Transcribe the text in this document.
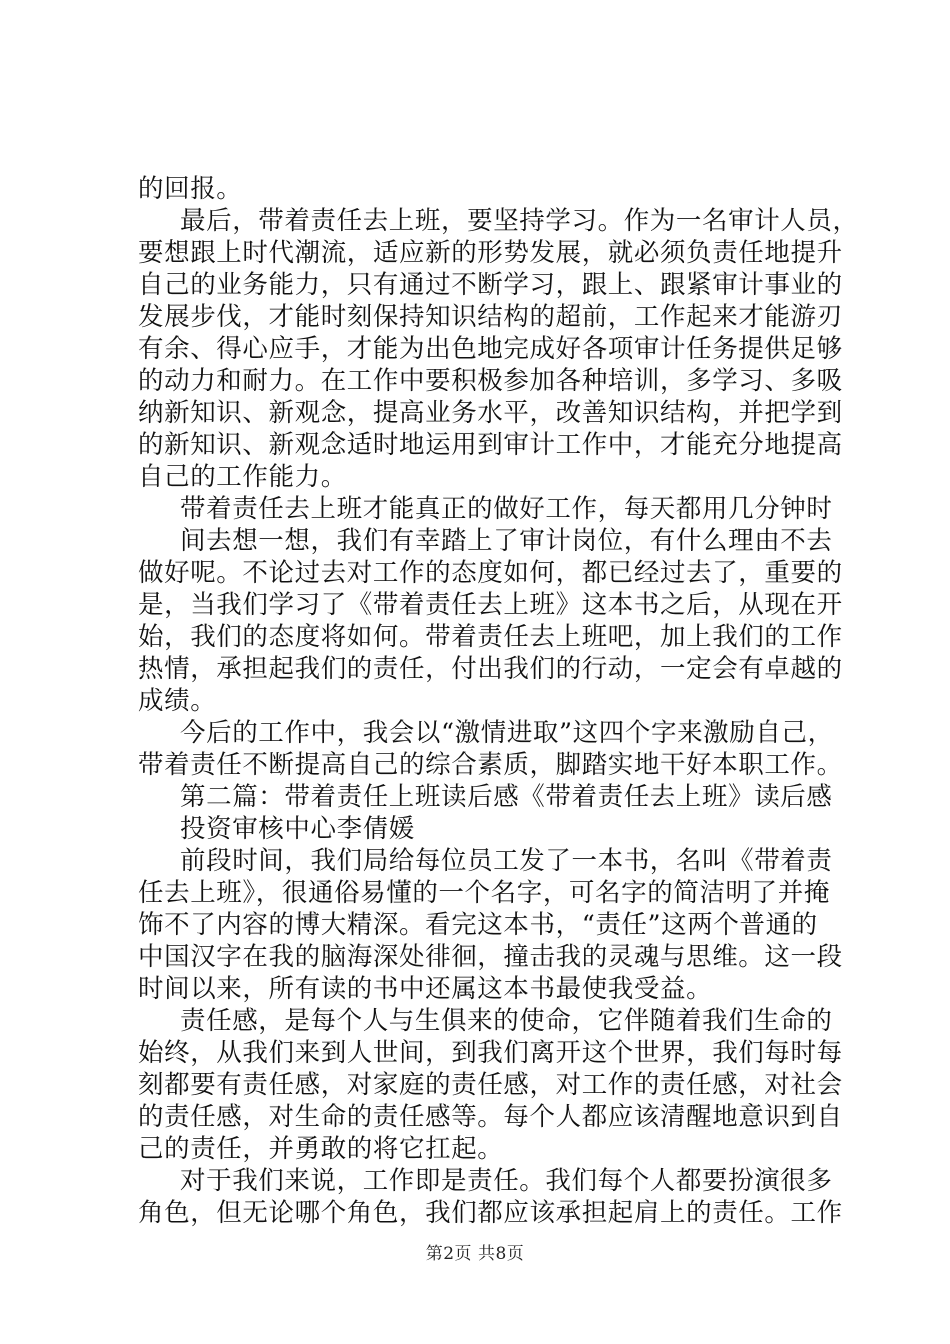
的回报。
最后，带着责任去上班，要坚持学习。作为一名审计人员，
要想跟上时代潮流，适应新的形势发展，就必须负责任地提升
自己的业务能力，只有通过不断学习，跟上、跟紧审计事业的
发展步伐，才能时刻保持知识结构的超前，工作起来才能游刃
有余、得心应手，才能为出色地完成好各项审计任务提供足够
的动力和耐力。在工作中要积极参加各种培训，多学习、多吸
纳新知识、新观念，提高业务水平，改善知识结构，并把学到
的新知识、新观念适时地运用到审计工作中，才能充分地提高
自己的工作能力。
带着责任去上班才能真正的做好工作，每天都用几分钟时
间去想一想，我们有幸踏上了审计岗位，有什么理由不去
做好呢。不论过去对工作的态度如何，都已经过去了，重要的
是，当我们学习了《带着责任去上班》这本书之后，从现在开
始，我们的态度将如何。带着责任去上班吧，加上我们的工作
热情，承担起我们的责任，付出我们的行动，一定会有卓越的
成绩。
今后的工作中，我会以“激情进取”这四个字来激励自己，
带着责任不断提高自己的综合素质，脚踏实地干好本职工作。
第二篇：带着责任上班读后感《带着责任去上班》读后感
投资审核中心李倩媛
前段时间，我们局给每位员工发了一本书，名叫《带着责
任去上班》，很通俗易懂的一个名字，可名字的简洁明了并掩
饰不了内容的博大精深。看完这本书，“责任”这两个普通的
中国汉字在我的脑海深处徘徊，撞击我的灵魂与思维。这一段
时间以来，所有读的书中还属这本书最使我受益。
责任感，是每个人与生俱来的使命，它伴随着我们生命的
始终，从我们来到人世间，到我们离开这个世界，我们每时每
刻都要有责任感，对家庭的责任感，对工作的责任感，对社会
的责任感，对生命的责任感等。每个人都应该清醒地意识到自
己的责任，并勇敢的将它扛起。
对于我们来说，工作即是责任。我们每个人都要扮演很多
角色，但无论哪个角色，我们都应该承担起肩上的责任。工作
第2页 共8页
